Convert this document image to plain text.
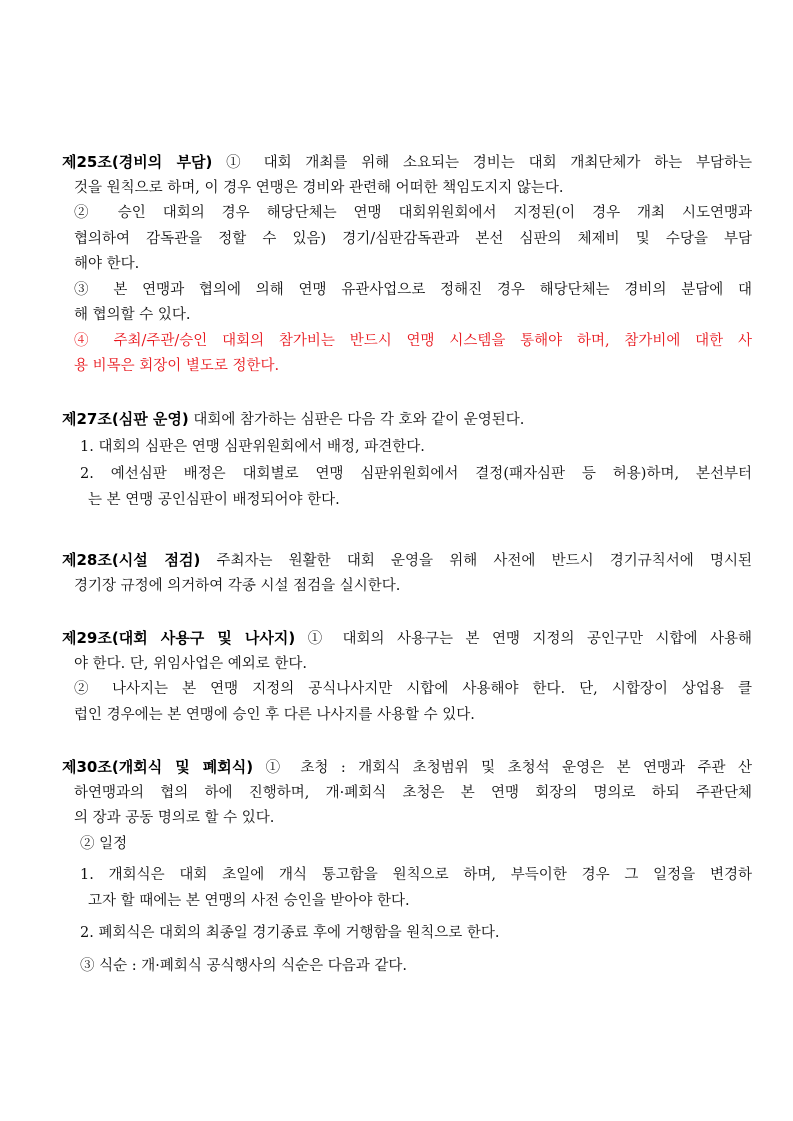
제25조(경비의 부담) ① 대회 개최를 위해 소요되는 경비는 대회 개최단체가 하는 부담하는
것을 원칙으로 하며, 이 경우 연맹은 경비와 관련해 어떠한 책임도지지 않는다.
② 승인 대회의 경우 해당단체는 연맹 대회위원회에서 지정된(이 경우 개최 시도연맹과
협의하여 감독관을 정할 수 있음) 경기/심판감독관과 본선 심판의 체제비 및 수당을 부담
해야 한다.
③ 본 연맹과 협의에 의해 연맹 유관사업으로 정해진 경우 해당단체는 경비의 분담에 대
해 협의할 수 있다.
④ 주최/주관/승인 대회의 참가비는 반드시 연맹 시스템을 통해야 하며, 참가비에 대한 사
용 비목은 회장이 별도로 정한다.
제27조(심판 운영) 대회에 참가하는 심판은 다음 각 호와 같이 운영된다.
1. 대회의 심판은 연맹 심판위원회에서 배정, 파견한다.
2. 예선심판 배정은 대회별로 연맹 심판위원회에서 결정(패자심판 등 허용)하며, 본선부터
는 본 연맹 공인심판이 배정되어야 한다.
제28조(시설 점검) 주최자는 원활한 대회 운영을 위해 사전에 반드시 경기규칙서에 명시된
경기장 규정에 의거하여 각종 시설 점검을 실시한다.
제29조(대회 사용구 및 나사지) ① 대회의 사용구는 본 연맹 지정의 공인구만 시합에 사용해
야 한다. 단, 위임사업은 예외로 한다.
② 나사지는 본 연맹 지정의 공식나사지만 시합에 사용해야 한다. 단, 시합장이 상업용 클
럽인 경우에는 본 연맹에 승인 후 다른 나사지를 사용할 수 있다.
제30조(개회식 및 폐회식) ① 초청 : 개회식 초청범위 및 초청석 운영은 본 연맹과 주관 산
하연맹과의 협의 하에 진행하며, 개·폐회식 초청은 본 연맹 회장의 명의로 하되 주관단체
의 장과 공동 명의로 할 수 있다.
② 일정
1. 개회식은 대회 초일에 개식 통고함을 원칙으로 하며, 부득이한 경우 그 일정을 변경하
고자 할 때에는 본 연맹의 사전 승인을 받아야 한다.
2. 폐회식은 대회의 최종일 경기종료 후에 거행함을 원칙으로 한다.
③ 식순 : 개·폐회식 공식행사의 식순은 다음과 같다.
